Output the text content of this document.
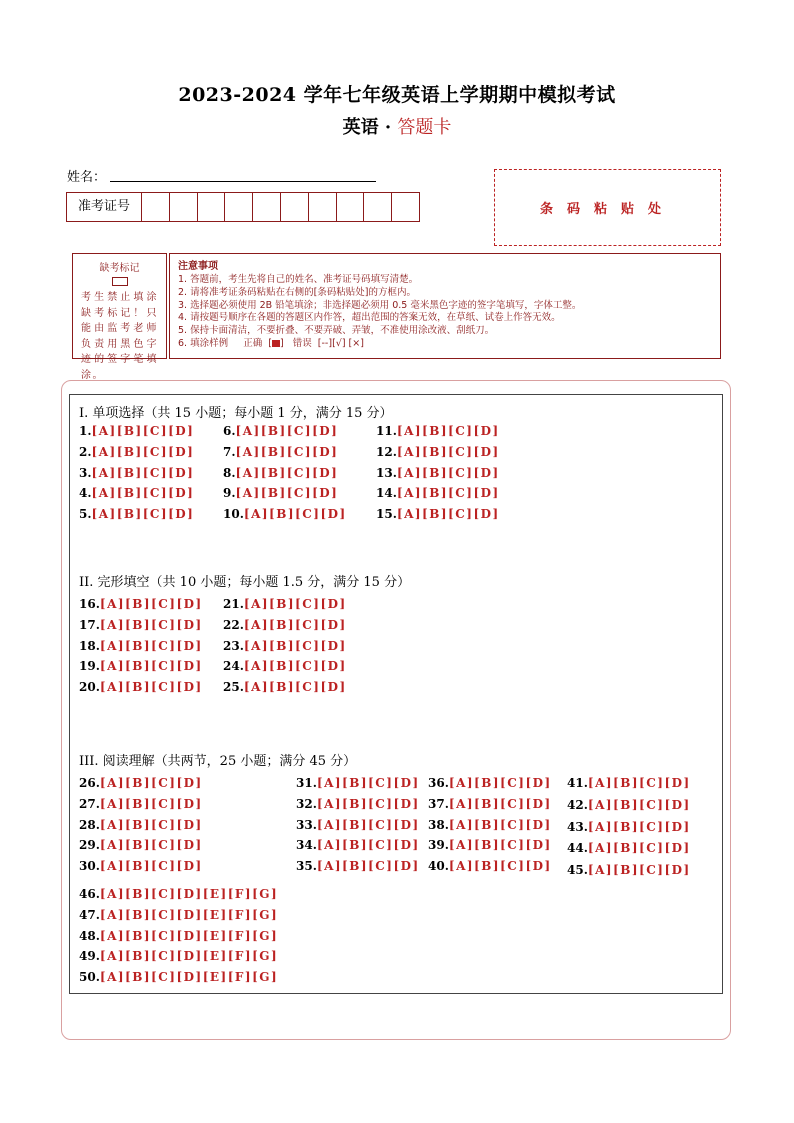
2023-2024 学年七年级英语上学期期中模拟考试
英语 · 答题卡
姓名：
准考证号	条码粘贴处
缺考标记
考生禁止填涂缺考标记！只能由监考老师负责用黑色字迹的签字笔填涂。
注意事项
1. 答题前，考生先将自己的姓名、准考证号码填写清楚。
2. 请将准考证条码粘贴在右侧的[条码粘贴处]的方框内。
3. 选择题必须使用 2B 铅笔填涂；非选择题必须用 0.5 毫米黑色字迹的签字笔填写，字体工整。
4. 请按题号顺序在各题的答题区内作答，超出范围的答案无效，在草纸、试卷上作答无效。
5. 保持卡面清洁，不要折叠、不要弄破、弄皱，不准使用涂改液、刮纸刀。
6. 填涂样例 正确  [ ]   错误 [--][√] [×]
I. 单项选择（共 15 小题；每小题 1 分，满分 15 分）
II. 完形填空（共 10 小题；每小题 1.5 分，满分 15 分）
III. 阅读理解（共两节，25 小题；满分 45 分）
1.[A][B][C][D]
2.[A][B][C][D]
3.[A][B][C][D]
4.[A][B][C][D]
5.[A][B][C][D]
6.[A][B][C][D]
7.[A][B][C][D]
8.[A][B][C][D]
9.[A][B][C][D]
10.[A][B][C][D]
11.[A][B][C][D]
12.[A][B][C][D]
13.[A][B][C][D]
14.[A][B][C][D]
15.[A][B][C][D]
16.[A][B][C][D]
17.[A][B][C][D]
18.[A][B][C][D]
19.[A][B][C][D]
20.[A][B][C][D]
21.[A][B][C][D]
22.[A][B][C][D]
23.[A][B][C][D]
24.[A][B][C][D]
25.[A][B][C][D]
26.[A][B][C][D]
27.[A][B][C][D]
28.[A][B][C][D]
29.[A][B][C][D]
30.[A][B][C][D]
31.[A][B][C][D]
32.[A][B][C][D]
33.[A][B][C][D]
34.[A][B][C][D]
35.[A][B][C][D]
36.[A][B][C][D]
37.[A][B][C][D]
38.[A][B][C][D]
39.[A][B][C][D]
40.[A][B][C][D]
41.[A][B][C][D]
42.[A][B][C][D]
43.[A][B][C][D]
44.[A][B][C][D]
45.[A][B][C][D]
46.[A][B][C][D][E][F][G]
47.[A][B][C][D][E][F][G]
48.[A][B][C][D][E][F][G]
49.[A][B][C][D][E][F][G]
50.[A][B][C][D][E][F][G]
